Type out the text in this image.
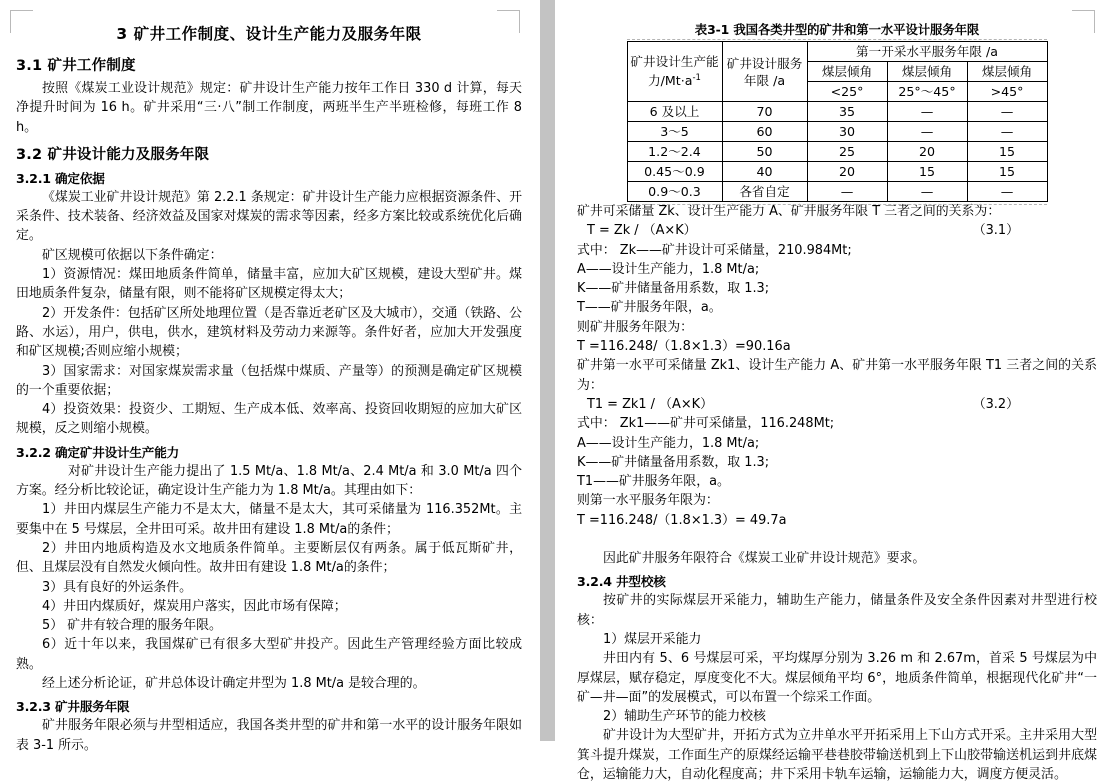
3 矿井工作制度、设计生产能力及服务年限
3.1 矿井工作制度

按照《煤炭工业设计规范》规定：矿井设计生产能力按年工作日 330 d 计算，每天净提升时间为 16 h。矿井采用“三·八”制工作制度，两班半生产半班检修，每班工作 8 h。

3.2 矿井设计能力及服务年限
3.2.1 确定依据

《煤炭工业矿井设计规范》第 2.2.1 条规定：矿井设计生产能力应根据资源条件、开采条件、技术装备、经济效益及国家对煤炭的需求等因素，经多方案比较或系统优化后确定。

矿区规模可依据以下条件确定：

1）资源情况：煤田地质条件简单，储量丰富，应加大矿区规模，建设大型矿井。煤田地质条件复杂，储量有限，则不能将矿区规模定得太大；

2）开发条件：包括矿区所处地理位置（是否靠近老矿区及大城市），交通（铁路、公路、水运），用户，供电，供水，建筑材料及劳动力来源等。条件好者，应加大开发强度和矿区规模;否则应缩小规模；

3）国家需求：对国家煤炭需求量（包括煤中煤质、产量等）的预测是确定矿区规模的一个重要依据；

4）投资效果：投资少、工期短、生产成本低、效率高、投资回收期短的应加大矿区规模，反之则缩小规模。

3.2.2 确定矿井设计生产能力

对矿井设计生产能力提出了 1.5 Mt/a、1.8 Mt/a、2.4 Mt/a 和 3.0 Mt/a 四个方案。经分析比较论证，确定设计生产能力为 1.8 Mt/a。其理由如下：

1）井田内煤层生产能力不是太大，储量不是太大，其可采储量为 116.352Mt。主要集中在 5 号煤层，全井田可采。故井田有建设 1.8 Mt/a的条件；

2）井田内地质构造及水文地质条件简单。主要断层仅有两条。属于低瓦斯矿井，但、且煤层没有自然发火倾向性。故井田有建设 1.8 Mt/a的条件；

3）具有良好的外运条件。

4）井田内煤质好，煤炭用户落实，因此市场有保障；

5） 矿井有较合理的服务年限。

6）近十年以来，我国煤矿已有很多大型矿井投产。因此生产管理经验方面比较成熟。

经上述分析论证，矿井总体设计确定井型为 1.8 Mt/a 是较合理的。

3.2.3 矿井服务年限

矿井服务年限必须与井型相适应，我国各类井型的矿井和第一水平的设计服务年限如表 3-1 所示。

表3-1 我国各类井型的矿井和第一水平设计服务年限
矿井设计生产能力$/Mt\cdot a^{-1}$	矿井设计服务年限 /a	第一开采水平服务年限 /a		
		煤层倾角	煤层倾角	煤层倾角
		<25°	25°～45°	>45°
6 及以上	70	35	—	—
3～5	60	30	—	—
1.2～2.4	50	25	20	15
0.45～0.9	40	20	15	15
0.9～0.3	各省自定	—	—	—

矿井可采储量 Zk、设计生产能力 A、矿井服务年限 T 三者之间的关系为：

T = Zk / （A×K）	（3.1）

式中： Zk——矿井设计可采储量，210.984Mt;

A——设计生产能力，1.8 Mt/a;

K——矿井储量备用系数，取 1.3;

T——矿井服务年限，a。

则矿井服务年限为：

T =116.248/（1.8×1.3）=90.16a

矿井第一水平可采储量 Zk1、设计生产能力 A、矿井第一水平服务年限 T1 三者之间的关系为：

T1 = Zk1 / （A×K）	（3.2）

式中： Zk1——矿井可采储量，116.248Mt;

A——设计生产能力，1.8 Mt/a;

K——矿井储量备用系数，取 1.3;

T1——矿井服务年限，a。

则第一水平服务年限为：

T =116.248/（1.8×1.3）= 49.7a

因此矿井服务年限符合《煤炭工业矿井设计规范》要求。

3.2.4 井型校核

按矿井的实际煤层开采能力，辅助生产能力，储量条件及安全条件因素对井型进行校核：

1）煤层开采能力

井田内有 5、6 号煤层可采，平均煤厚分别为 3.26 m 和 2.67m，首采 5 号煤层为中厚煤层，赋存稳定，厚度变化不大。煤层倾角平均 6°，地质条件简单，根据现代化矿井“一矿—井—面”的发展模式，可以布置一个综采工作面。

2）辅助生产环节的能力校核

矿井设计为大型矿井，开拓方式为立井单水平开拓采用上下山方式开采。主井采用大型箕斗提升煤炭，工作面生产的原煤经运输平巷巷胶带输送机到上下山胶带输送机运到井底煤仓，运输能力大，自动化程度高；井下采用卡轨车运输，运输能力大，调度方便灵活。
